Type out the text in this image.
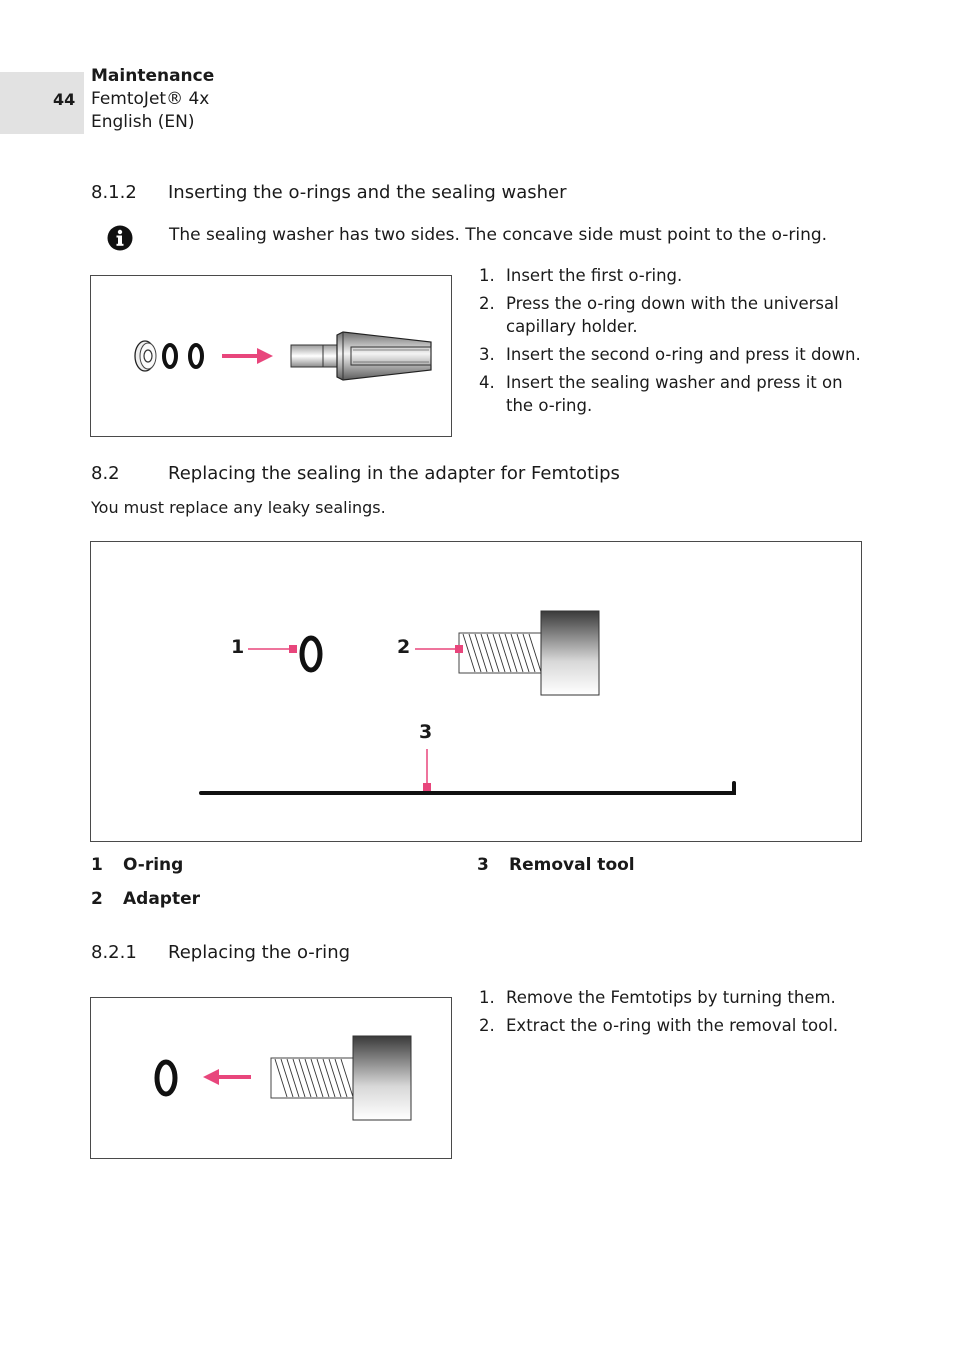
44
Maintenance
FemtoJet® 4x
English (EN)
8.1.2 Inserting the o-rings and the sealing washer
The sealing washer has two sides. The concave side must point to the o-ring.
1. Insert the first o-ring.
2. Press the o-ring down with the universal capillary holder.
3. Insert the second o-ring and press it down.
4. Insert the sealing washer and press it on the o-ring.
8.2	Replacing the sealing in the adapter for Femtotips
You must replace any leaky sealings.
1	2
3
1 O-ring
2 Adapter
3 Removal tool
8.2.1 Replacing the o-ring
1. Remove the Femtotips by turning them.
2. Extract the o-ring with the removal tool.
